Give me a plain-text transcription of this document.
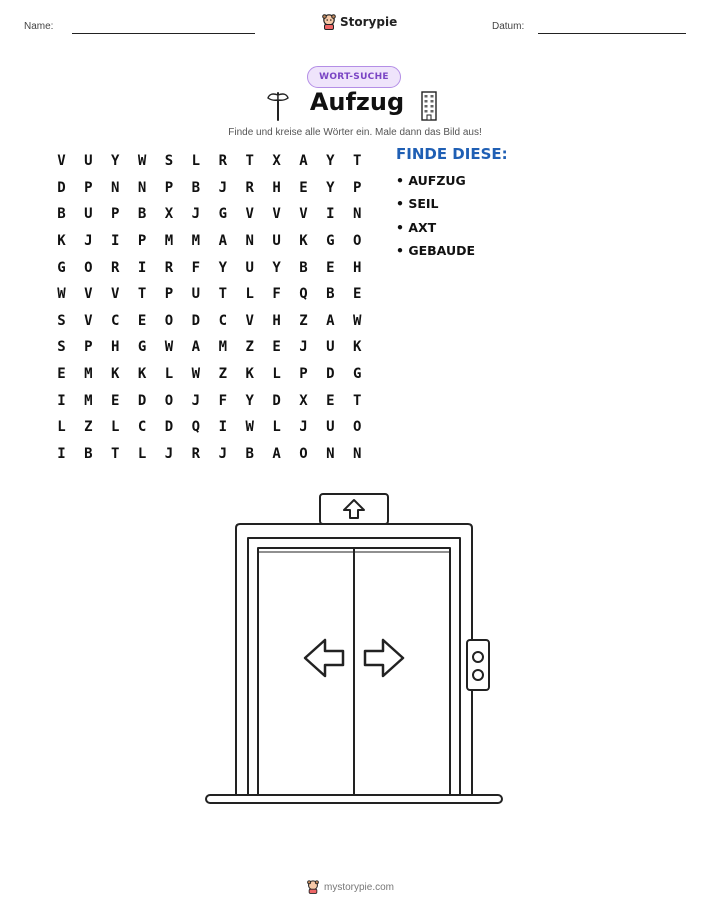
Name:	Storypie	Datum:
WORT-SUCHE
Aufzug
Finde und kreise alle Wörter ein. Male dann das Bild aus!
V	U	Y	W	S	L	R	T	X	A	Y	T
D	P	N	N	P	B	J	R	H	E	Y	P
B	U	P	B	X	J	G	V	V	V	I	N
K	J	I	P	M	M	A	N	U	K	G	O
G	O	R	I	R	F	Y	U	Y	B	E	H
W	V	V	T	P	U	T	L	F	Q	B	E
S	V	C	E	O	D	C	V	H	Z	A	W
S	P	H	G	W	A	M	Z	E	J	U	K
E	M	K	K	L	W	Z	K	L	P	D	G
I	M	E	D	O	J	F	Y	D	X	E	T
L	Z	L	C	D	Q	I	W	L	J	U	O
I	B	T	L	J	R	J	B	A	O	N	N
FINDE DIESE:
• AUFZUG
• SEIL
• AXT
• GEBAUDE
mystorypie.com
